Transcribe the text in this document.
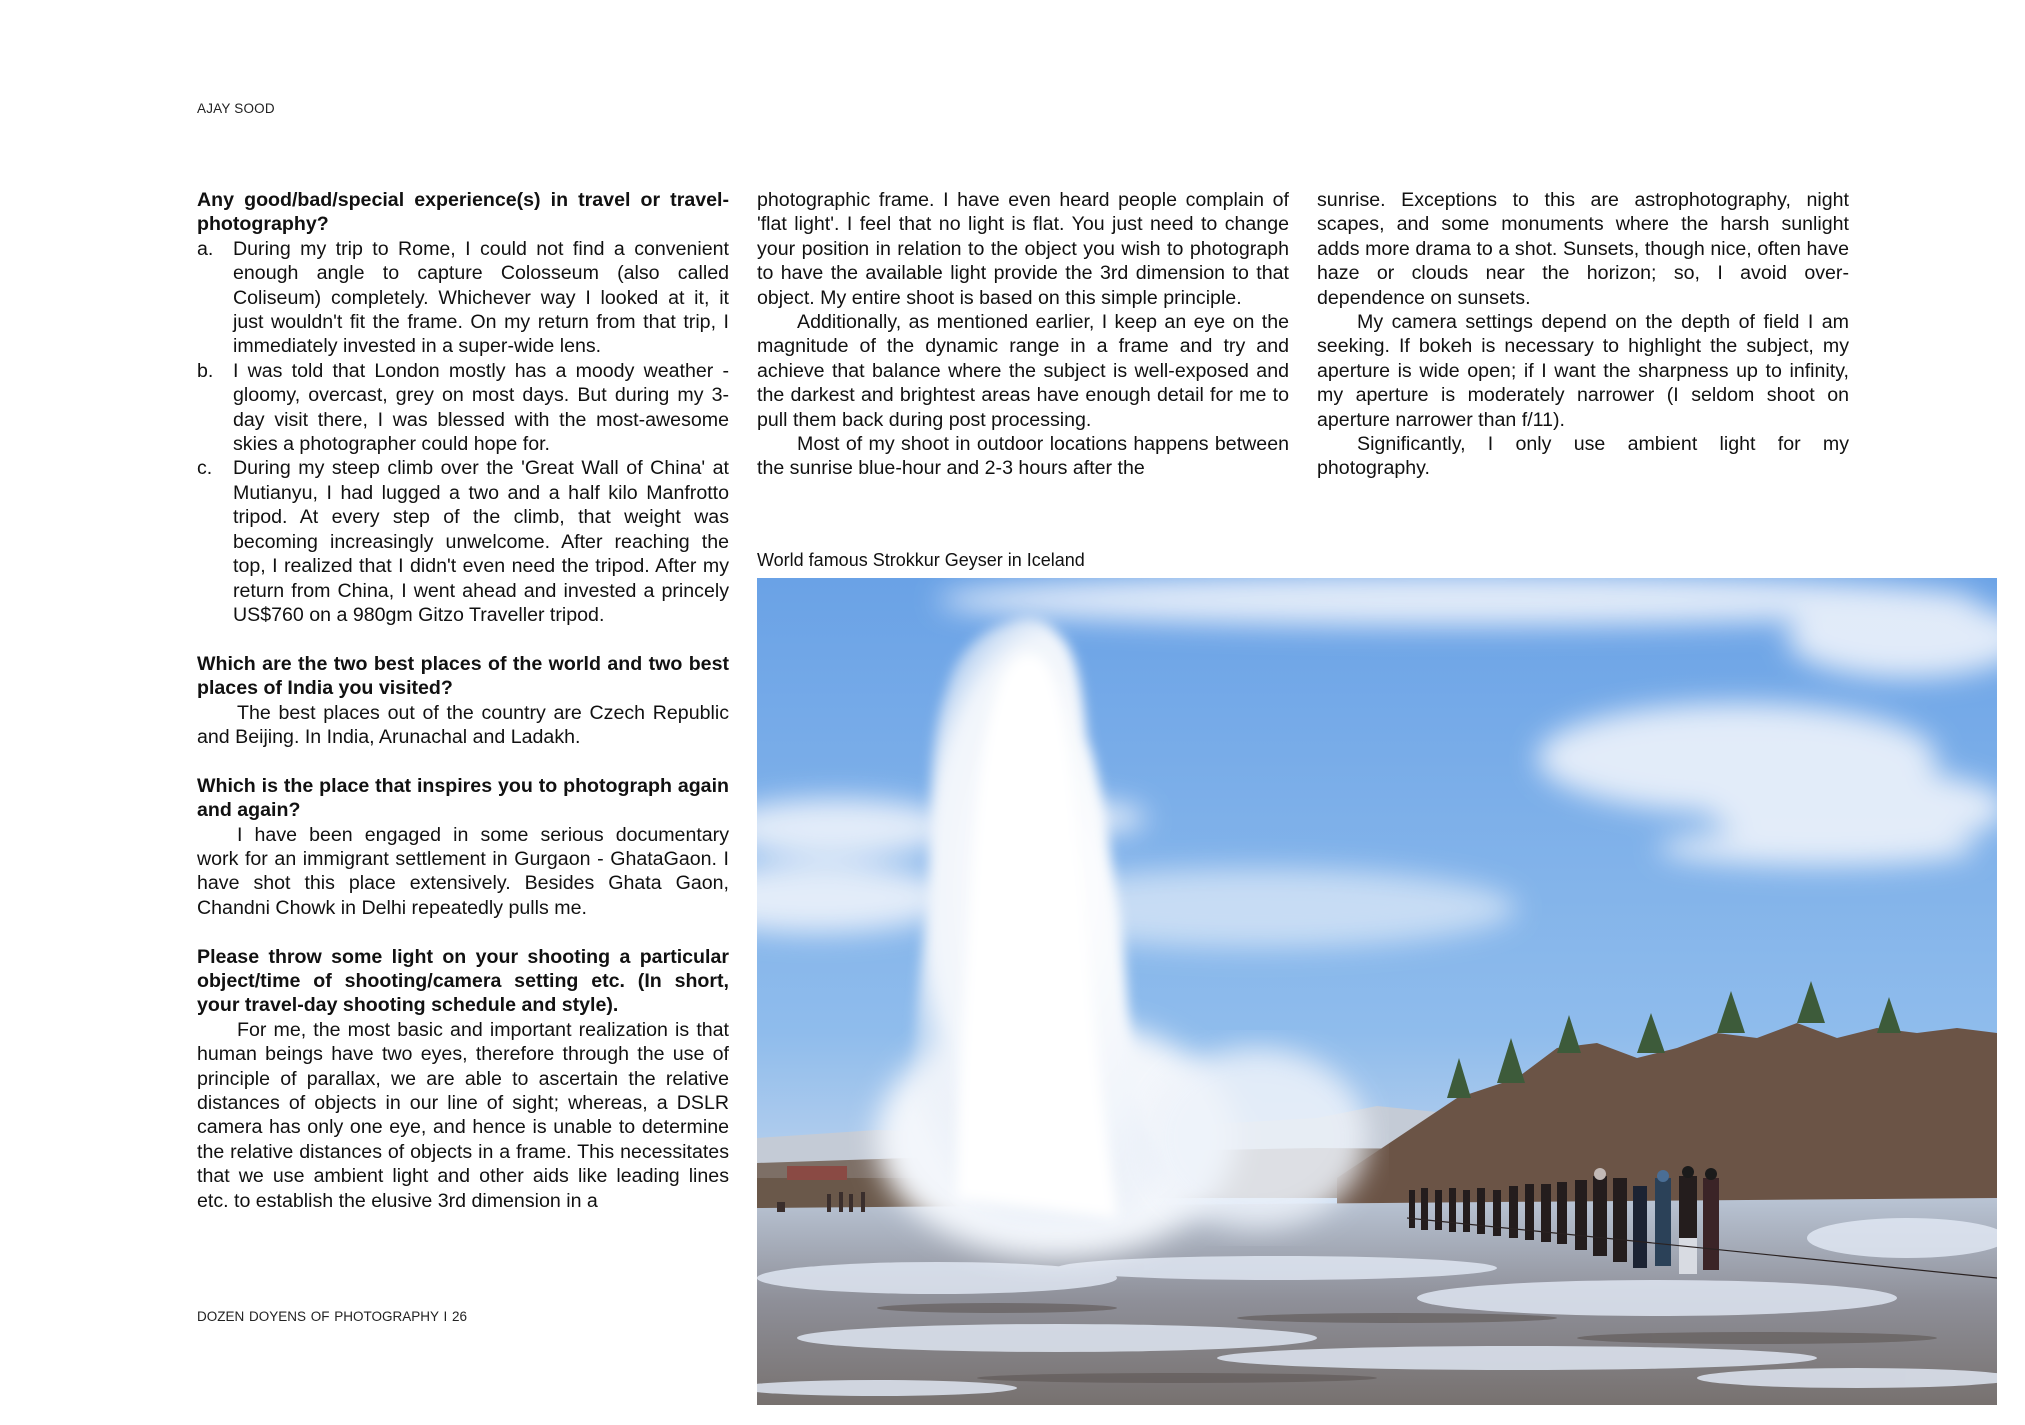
AJAY SOOD

Any good/bad/special experience(s) in travel or travel-photography?

a. During my trip to Rome, I could not find a convenient enough angle to capture Colosseum (also called Coliseum) completely. Whichever way I looked at it, it just wouldn't fit the frame. On my return from that trip, I immediately invested in a super-wide lens.
b. I was told that London mostly has a moody weather - gloomy, overcast, grey on most days. But during my 3-day visit there, I was blessed with the most-awesome skies a photographer could hope for.
c. During my steep climb over the 'Great Wall of China' at Mutianyu, I had lugged a two and a half kilo Manfrotto tripod. At every step of the climb, that weight was becoming increasingly unwelcome. After reaching the top, I realized that I didn't even need the tripod. After my return from China, I went ahead and invested a princely US$760 on a 980gm Gitzo Traveller tripod.

Which are the two best places of the world and two best places of India you visited?

The best places out of the country are Czech Republic and Beijing. In India, Arunachal and Ladakh.

Which is the place that inspires you to photograph again and again?

I have been engaged in some serious documentary work for an immigrant settlement in Gurgaon - GhataGaon. I have shot this place extensively. Besides Ghata Gaon, Chandni Chowk in Delhi repeatedly pulls me.

Please throw some light on your shooting a particular object/time of shooting/camera setting etc. (In short, your travel-day shooting schedule and style).

For me, the most basic and important realization is that human beings have two eyes, therefore through the use of principle of parallax, we are able to ascertain the relative distances of objects in our line of sight; whereas, a DSLR camera has only one eye, and hence is unable to determine the relative distances of objects in a frame. This necessitates that we use ambient light and other aids like leading lines etc. to establish the elusive 3rd dimension in a

photographic frame. I have even heard people complain of 'flat light'. I feel that no light is flat. You just need to change your position in relation to the object you wish to photograph to have the available light provide the 3rd dimension to that object. My entire shoot is based on this simple principle.

Additionally, as mentioned earlier, I keep an eye on the magnitude of the dynamic range in a frame and try and achieve that balance where the subject is well-exposed and the darkest and brightest areas have enough detail for me to pull them back during post processing.

Most of my shoot in outdoor locations happens between the sunrise blue-hour and 2-3 hours after the

sunrise. Exceptions to this are astrophotography, night scapes, and some monuments where the harsh sunlight adds more drama to a shot. Sunsets, though nice, often have haze or clouds near the horizon; so, I avoid over-dependence on sunsets.

My camera settings depend on the depth of field I am seeking. If bokeh is necessary to highlight the subject, my aperture is wide open; if I want the sharpness up to infinity, my aperture is moderately narrower (I seldom shoot on aperture narrower than f/11).

Significantly, I only use ambient light for my photography.

World famous Strokkur Geyser in Iceland
DOZEN DOYENS OF PHOTOGRAPHY I 26
